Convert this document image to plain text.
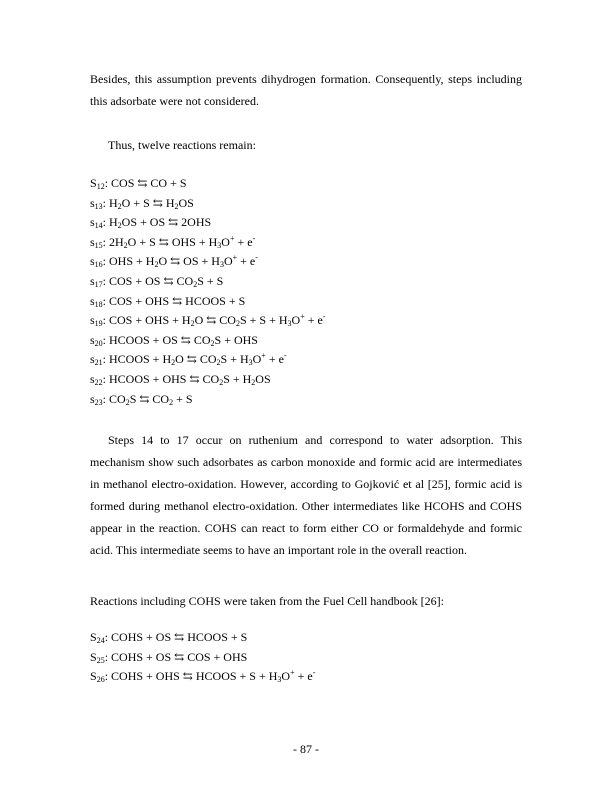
Besides, this assumption prevents dihydrogen formation. Consequently, steps including this adsorbate were not considered.

Thus, twelve reactions remain:

$S_{12}$: COS ⇆ CO + S
$s_{13}$: $H_2O + S$ ⇆ $H_2OS$
$s_{14}$: $H_2OS$ + OS ⇆ 2OHS
$s_{15}$: $2H_2O + S$ ⇆ OHS + $H_3O^+ + e^-$
$s_{16}$: OHS + $H_2O$ ⇆ OS + $H_3O^+ + e^-$
$s_{17}$: COS + OS ⇆ $CO_2S + S$
$s_{18}$: COS + OHS ⇆ HCOOS + S
$s_{19}$: COS + OHS + $H_2O$ ⇆ $CO_2S + S + H_3O^+ + e^-$
$s_{20}$: HCOOS + OS ⇆ $CO_2S$ + OHS
$s_{21}$: HCOOS + $H_2O$ ⇆ $CO_2S + H_3O^+ + e^-$
$s_{22}$: HCOOS + OHS ⇆ $CO_2S + H_2OS$
$s_{23}$: $CO_2S$ ⇆ $CO_2 + S$

Steps 14 to 17 occur on ruthenium and correspond to water adsorption. This mechanism show such adsorbates as carbon monoxide and formic acid are intermediates in methanol electro-oxidation. However, according to Gojković et al [25], formic acid is formed during methanol electro-oxidation. Other intermediates like HCOHS and COHS appear in the reaction. COHS can react to form either CO or formaldehyde and formic acid. This intermediate seems to have an important role in the overall reaction.

Reactions including COHS were taken from the Fuel Cell handbook [26]:

$S_{24}$: COHS + OS ⇆ HCOOS + S
$S_{25}$: COHS + OS ⇆ COS + OHS
$S_{26}$: COHS + OHS ⇆ HCOOS + $S + H_3O^+ + e^-$
- 87 -
